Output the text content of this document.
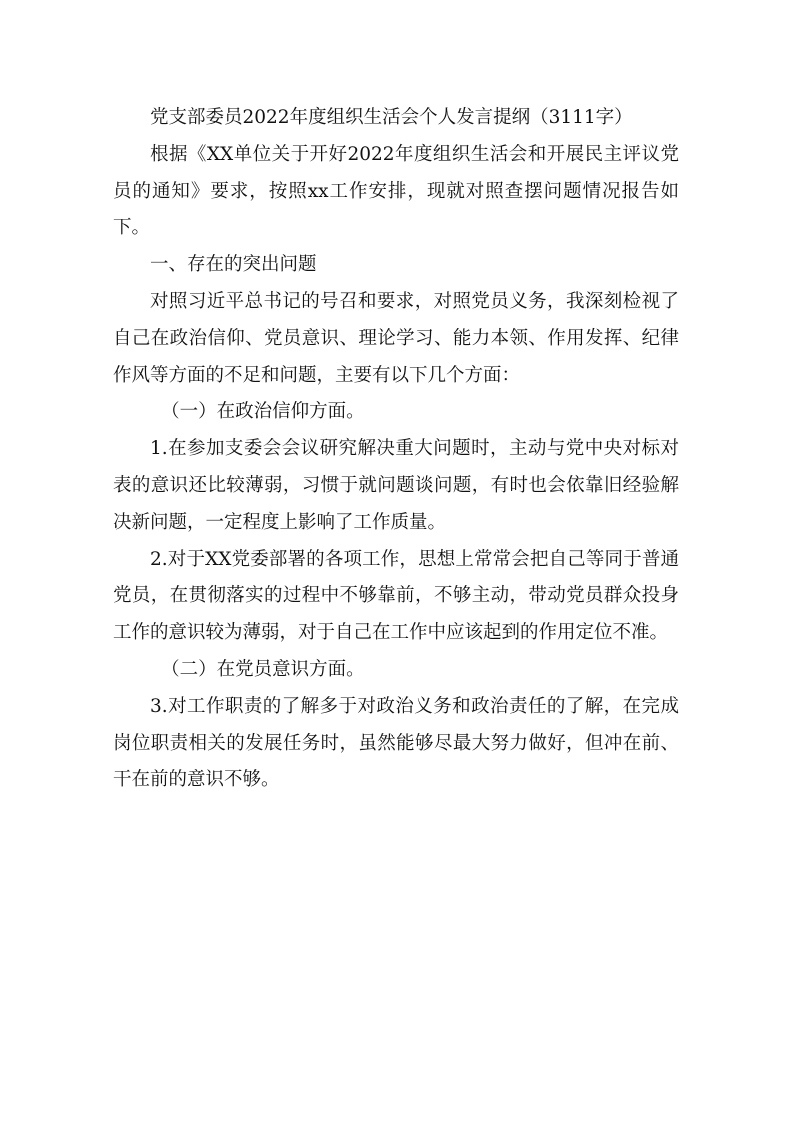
党支部委员2022年度组织生活会个人发言提纲（3111字）

根据《XX单位关于开好2022年度组织生活会和开展民主评议党员的通知》要求，按照xx工作安排，现就对照查摆问题情况报告如下。

一、存在的突出问题

对照习近平总书记的号召和要求，对照党员义务，我深刻检视了自己在政治信仰、党员意识、理论学习、能力本领、作用发挥、纪律作风等方面的不足和问题，主要有以下几个方面：

（一）在政治信仰方面。

1.在参加支委会会议研究解决重大问题时，主动与党中央对标对表的意识还比较薄弱，习惯于就问题谈问题，有时也会依靠旧经验解决新问题，一定程度上影响了工作质量。

2.对于XX党委部署的各项工作，思想上常常会把自己等同于普通党员，在贯彻落实的过程中不够靠前，不够主动，带动党员群众投身工作的意识较为薄弱，对于自己在工作中应该起到的作用定位不准。

（二）在党员意识方面。

3.对工作职责的了解多于对政治义务和政治责任的了解，在完成岗位职责相关的发展任务时，虽然能够尽最大努力做好，但冲在前、干在前的意识不够。
